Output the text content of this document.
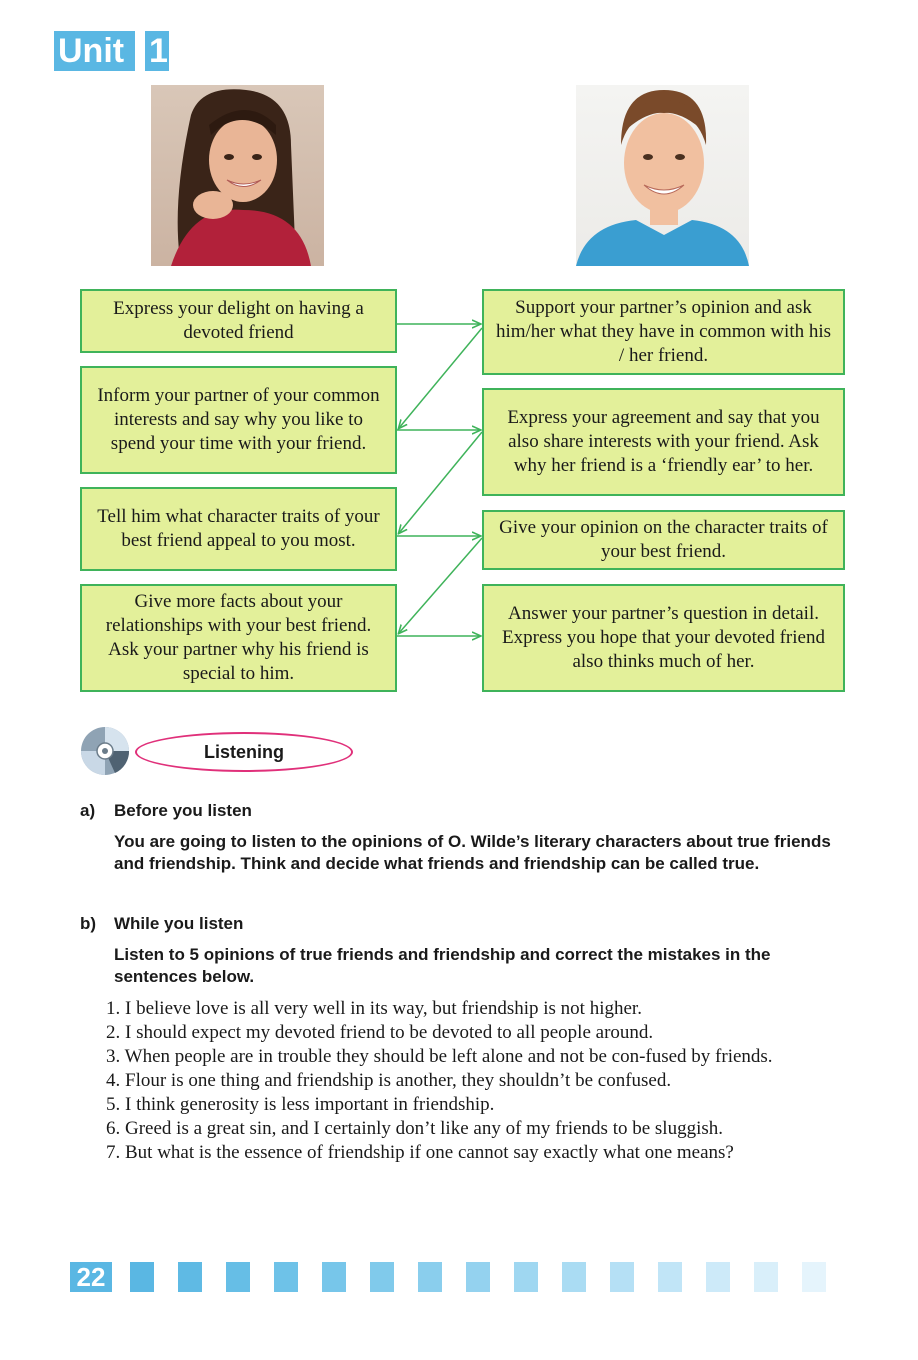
Unit 1
Express your delight on having a devoted friend
Inform your partner of your common interests and say why you like to spend your time with your friend.
Tell him what character traits of your best friend appeal to you most.
Give more facts about your relationships with your best friend. Ask your partner why his friend is special to him.
Support your partner’s opinion and ask him/her what they have in common with his / her friend.
Express your agreement and say that you also share interests with your friend. Ask why her friend is a ‘friendly ear’ to her.
Give your opinion on the character traits of your best friend.
Answer your partner’s question in detail. Express you hope that your devoted friend also thinks much of her.
Listening
a) Before you listen
You are going to listen to the opinions of O. Wilde’s literary characters about true friends and friendship. Think and decide what friends and friendship can be called true.
b) While you listen
Listen to 5 opinions of true friends and friendship and correct the mistakes in the sentences below.
1. I believe love is all very well in its way, but friendship is not higher.
2. I should expect my devoted friend to be devoted to all people around.
3. When people are in trouble they should be left alone and not be con-fused by friends.
4. Flour is one thing and friendship is another, they shouldn’t be confused.
5. I think generosity is less important in friendship.
6. Greed is a great sin, and I certainly don’t like any of my friends to be sluggish.
7. But what is the essence of friendship if one cannot say exactly what one means?
22
